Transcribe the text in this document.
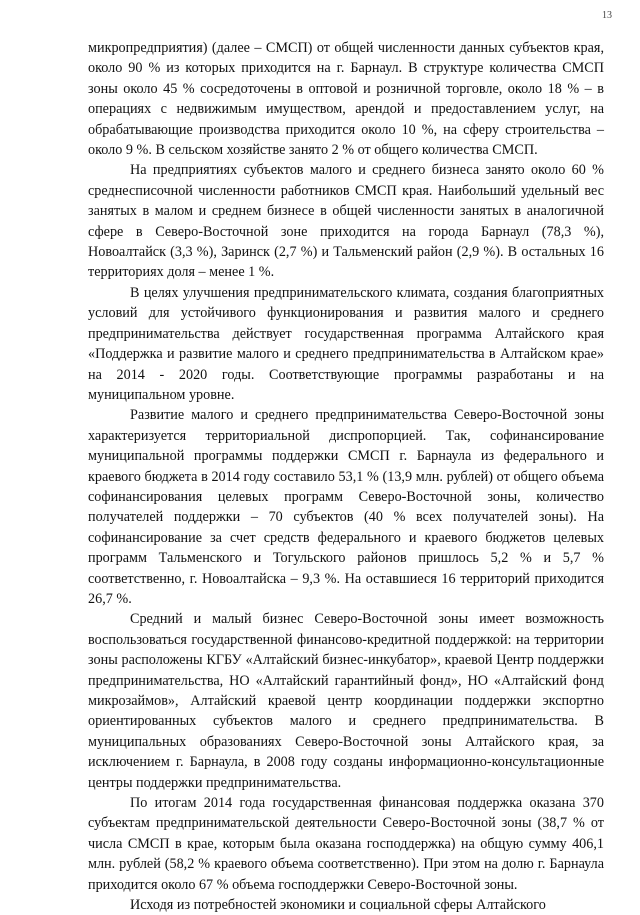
13

микропредприятия) (далее – СМСП) от общей численности данных субъектов края, около 90 % из которых приходится на г. Барнаул. В структуре количества СМСП зоны около 45 % сосредоточены в оптовой и розничной торговле, около 18 % – в операциях с недвижимым имуществом, арендой и предоставлением услуг, на обрабатывающие производства приходится около 10 %, на сферу строительства – около 9 %. В сельском хозяйстве занято 2 % от общего количества СМСП.

На предприятиях субъектов малого и среднего бизнеса занято около 60 % среднесписочной численности работников СМСП края. Наибольший удельный вес занятых в малом и среднем бизнесе в общей численности занятых в аналогичной сфере в Северо-Восточной зоне приходится на города Барнаул (78,3 %), Новоалтайск (3,3 %), Заринск (2,7 %) и Тальменский район (2,9 %). В остальных 16 территориях доля – менее 1 %.

В целях улучшения предпринимательского климата, создания благоприятных условий для устойчивого функционирования и развития малого и среднего предпринимательства действует государственная программа Алтайского края «Поддержка и развитие малого и среднего предпринимательства в Алтайском крае» на 2014 - 2020 годы. Соответствующие программы разработаны и на муниципальном уровне.

Развитие малого и среднего предпринимательства Северо-Восточной зоны характеризуется территориальной диспропорцией. Так, софинансирование муниципальной программы поддержки СМСП г. Барнаула из федерального и краевого бюджета в 2014 году составило 53,1 % (13,9 млн. рублей) от общего объема софинансирования целевых программ Северо-Восточной зоны, количество получателей поддержки – 70 субъектов (40 % всех получателей зоны). На софинансирование за счет средств федерального и краевого бюджетов целевых программ Тальменского и Тогульского районов пришлось 5,2 % и 5,7 % соответственно, г. Новоалтайска – 9,3 %. На оставшиеся 16 территорий приходится 26,7 %.

Средний и малый бизнес Северо-Восточной зоны имеет возможность воспользоваться государственной финансово-кредитной поддержкой: на территории зоны расположены КГБУ «Алтайский бизнес-инкубатор», краевой Центр поддержки предпринимательства, НО «Алтайский гарантийный фонд», НО «Алтайский фонд микрозаймов», Алтайский краевой центр координации поддержки экспортно ориентированных субъектов малого и среднего предпринимательства. В муниципальных образованиях Северо-Восточной зоны Алтайского края, за исключением г. Барнаула, в 2008 году созданы информационно-консультационные центры поддержки предпринимательства.

По итогам 2014 года государственная финансовая поддержка оказана 370 субъектам предпринимательской деятельности Северо-Восточной зоны (38,7 % от числа СМСП в крае, которым была оказана господдержка) на общую сумму 406,1 млн. рублей (58,2 % краевого объема соответственно). При этом на долю г. Барнаула приходится около 67 % объема господдержки Северо-Восточной зоны.

Исходя из потребностей экономики и социальной сферы Алтайского
